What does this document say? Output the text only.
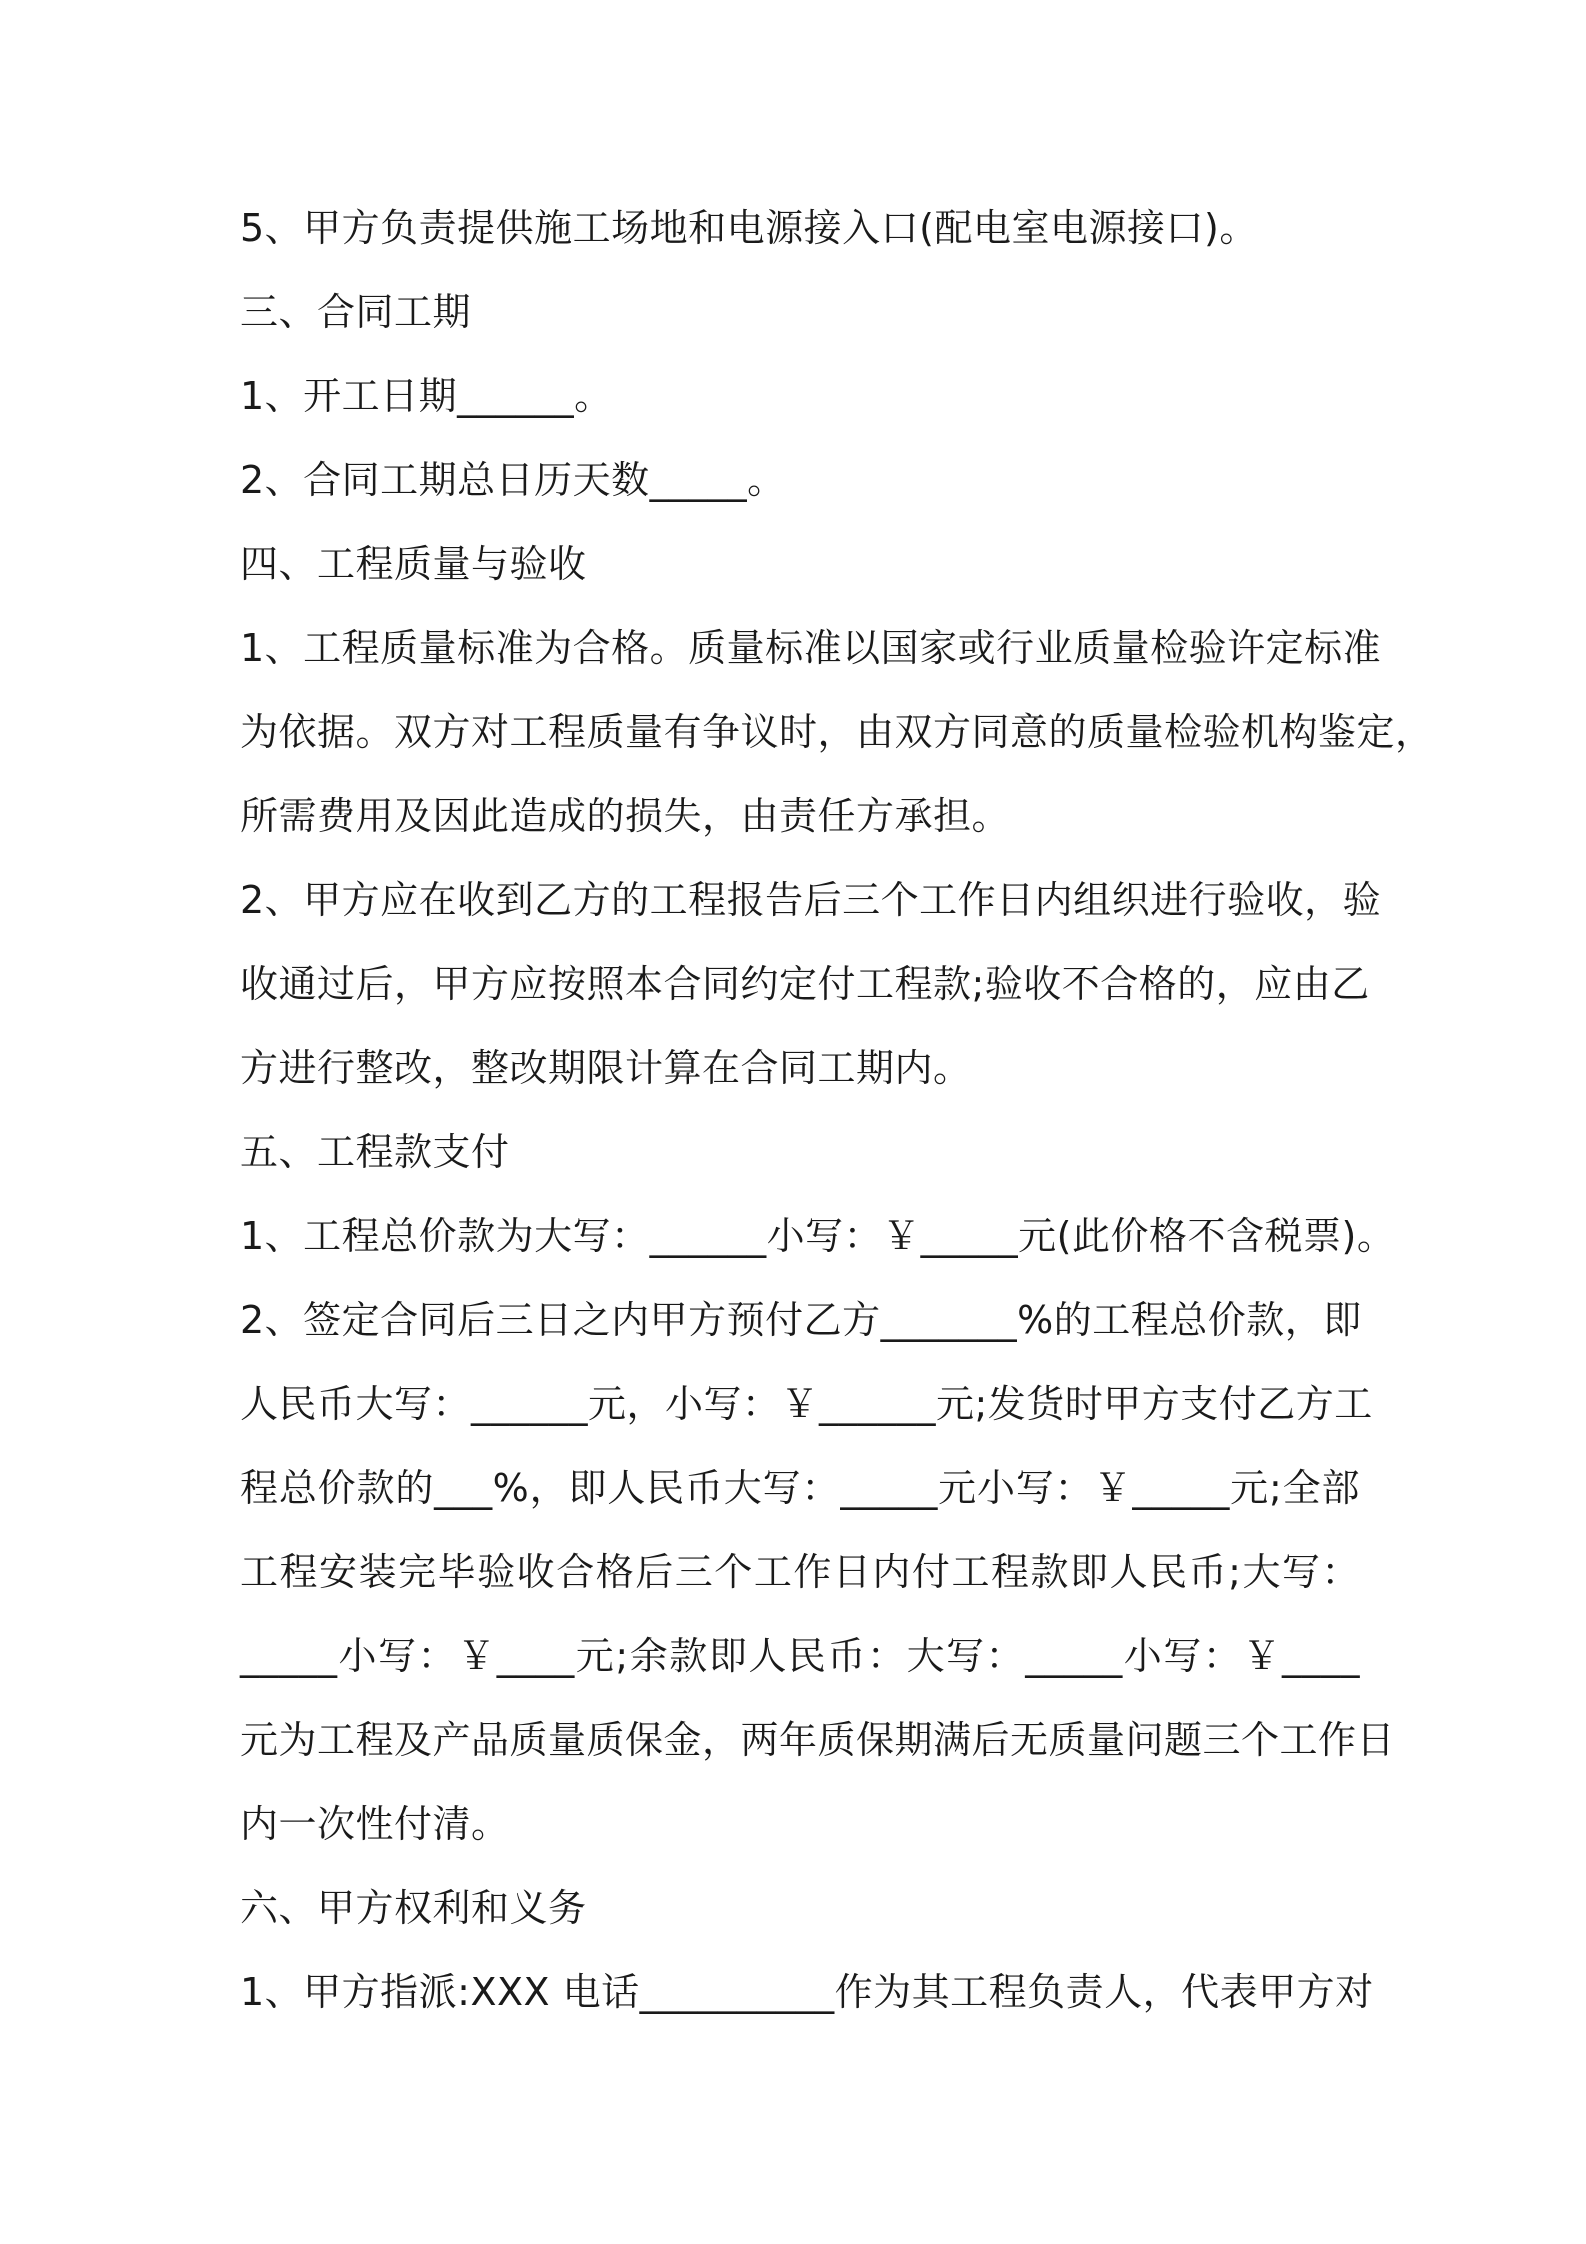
5、甲方负责提供施工场地和电源接入口(配电室电源接口)。
三、合同工期
1、开工日期______。
2、合同工期总日历天数_____。
四、工程质量与验收
1、工程质量标准为合格。质量标准以国家或行业质量检验许定标准
为依据。双方对工程质量有争议时，由双方同意的质量检验机构鉴定，
所需费用及因此造成的损失，由责任方承担。
2、甲方应在收到乙方的工程报告后三个工作日内组织进行验收，验
收通过后，甲方应按照本合同约定付工程款;验收不合格的，应由乙
方进行整改，整改期限计算在合同工期内。
五、工程款支付
1、工程总价款为大写：______小写：￥_____元(此价格不含税票)。
2、签定合同后三日之内甲方预付乙方_______%的工程总价款，即
人民币大写：______元，小写：￥______元;发货时甲方支付乙方工
程总价款的___%，即人民币大写：_____元小写：￥_____元;全部
工程安装完毕验收合格后三个工作日内付工程款即人民币;大写：
_____小写：￥____元;余款即人民币：大写：_____小写：￥____
元为工程及产品质量质保金，两年质保期满后无质量问题三个工作日
内一次性付清。
六、甲方权利和义务
1、甲方指派:XXX 电话__________作为其工程负责人，代表甲方对
